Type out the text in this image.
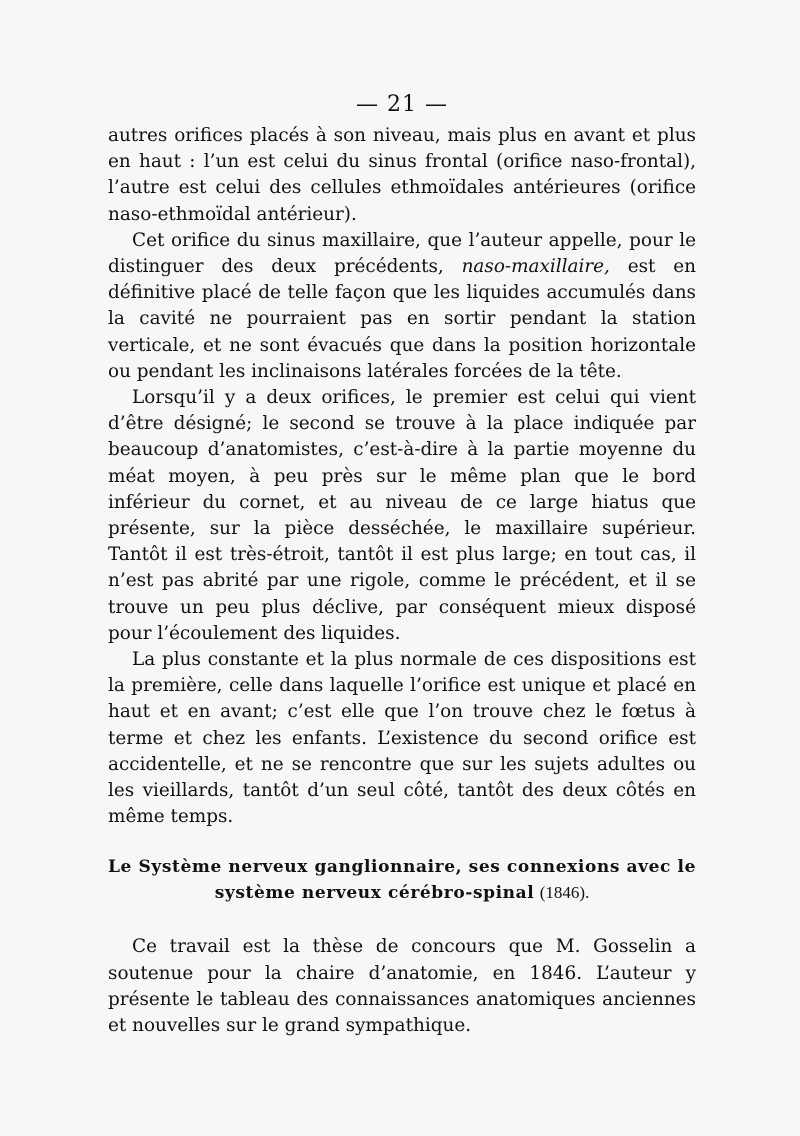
— 21 —

autres orifices placés à son niveau, mais plus en avant et plus en haut : l’un est celui du sinus frontal (orifice naso-frontal), l’autre est celui des cellules ethmoïdales antérieures (orifice naso-ethmoïdal antérieur).

Cet orifice du sinus maxillaire, que l’auteur appelle, pour le distinguer des deux précédents, naso-maxillaire, est en définitive placé de telle façon que les liquides accumulés dans la cavité ne pourraient pas en sortir pendant la station verticale, et ne sont évacués que dans la position horizontale ou pendant les inclinaisons latérales forcées de la tête.

Lorsqu’il y a deux orifices, le premier est celui qui vient d’être désigné; le second se trouve à la place indiquée par beaucoup d’anatomistes, c’est-à-dire à la partie moyenne du méat moyen, à peu près sur le même plan que le bord inférieur du cornet, et au niveau de ce large hiatus que présente, sur la pièce desséchée, le maxillaire supérieur. Tantôt il est très-étroit, tantôt il est plus large; en tout cas, il n’est pas abrité par une rigole, comme le précédent, et il se trouve un peu plus déclive, par conséquent mieux disposé pour l’écoulement des liquides.

La plus constante et la plus normale de ces dispositions est la première, celle dans laquelle l’orifice est unique et placé en haut et en avant; c’est elle que l’on trouve chez le fœtus à terme et chez les enfants. L’existence du second orifice est accidentelle, et ne se rencontre que sur les sujets adultes ou les vieillards, tantôt d’un seul côté, tantôt des deux côtés en même temps.

Le Système nerveux ganglionnaire, ses connexions avec le système nerveux cérébro-spinal (1846).

Ce travail est la thèse de concours que M. Gosselin a soutenue pour la chaire d’anatomie, en 1846. L’auteur y présente le tableau des connaissances anatomiques anciennes et nouvelles sur le grand sympathique.
